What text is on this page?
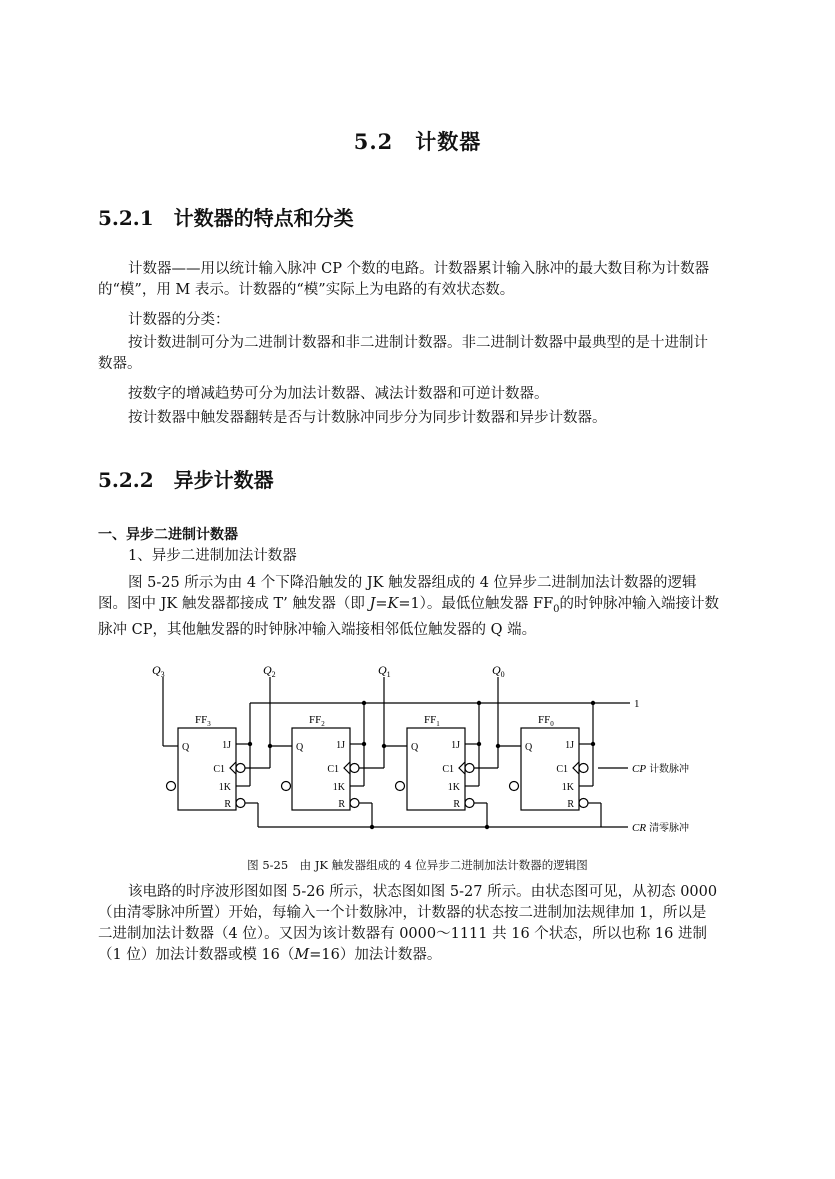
5.2　计数器
5.2.1　计数器的特点和分类
计数器——用以统计输入脉冲 CP 个数的电路。计数器累计输入脉冲的最大数目称为计数器的“模”，用 M 表示。计数器的“模”实际上为电路的有效状态数。
计数器的分类：
按计数进制可分为二进制计数器和非二进制计数器。非二进制计数器中最典型的是十进制计数器。
按数字的增减趋势可分为加法计数器、减法计数器和可逆计数器。
按计数器中触发器翻转是否与计数脉冲同步分为同步计数器和异步计数器。
5.2.2　异步计数器
一、异步二进制计数器
1、异步二进制加法计数器
图 5-25 所示为由 4 个下降沿触发的 JK 触发器组成的 4 位异步二进制加法计数器的逻辑图。图中 JK 触发器都接成 T’ 触发器（即 J=K=1）。最低位触发器 $FF_0$的时钟脉冲输入端接计数脉冲 CP，其他触发器的时钟脉冲输入端接相邻低位触发器的 Q 端。
$Q_3$	$Q_2$	$Q_1$	$Q_0$
$FF_3$	$FF_2$	$FF_1$	$FF_0$
Q	1J
C1
1K
R
Q	1J
C1
1K
R
Q	1J
C1
1K
R
Q	1J
C1
1K
R
1
CP 计数脉冲
CR 清零脉冲
图 5-25　由 JK 触发器组成的 4 位异步二进制加法计数器的逻辑图
该电路的时序波形图如图 5-26 所示，状态图如图 5-27 所示。由状态图可见，从初态 0000（由清零脉冲所置）开始，每输入一个计数脉冲，计数器的状态按二进制加法规律加 1，所以是二进制加法计数器（4 位）。又因为该计数器有 0000～1111 共 16 个状态，所以也称 16 进制（1 位）加法计数器或模 16（M=16）加法计数器。
